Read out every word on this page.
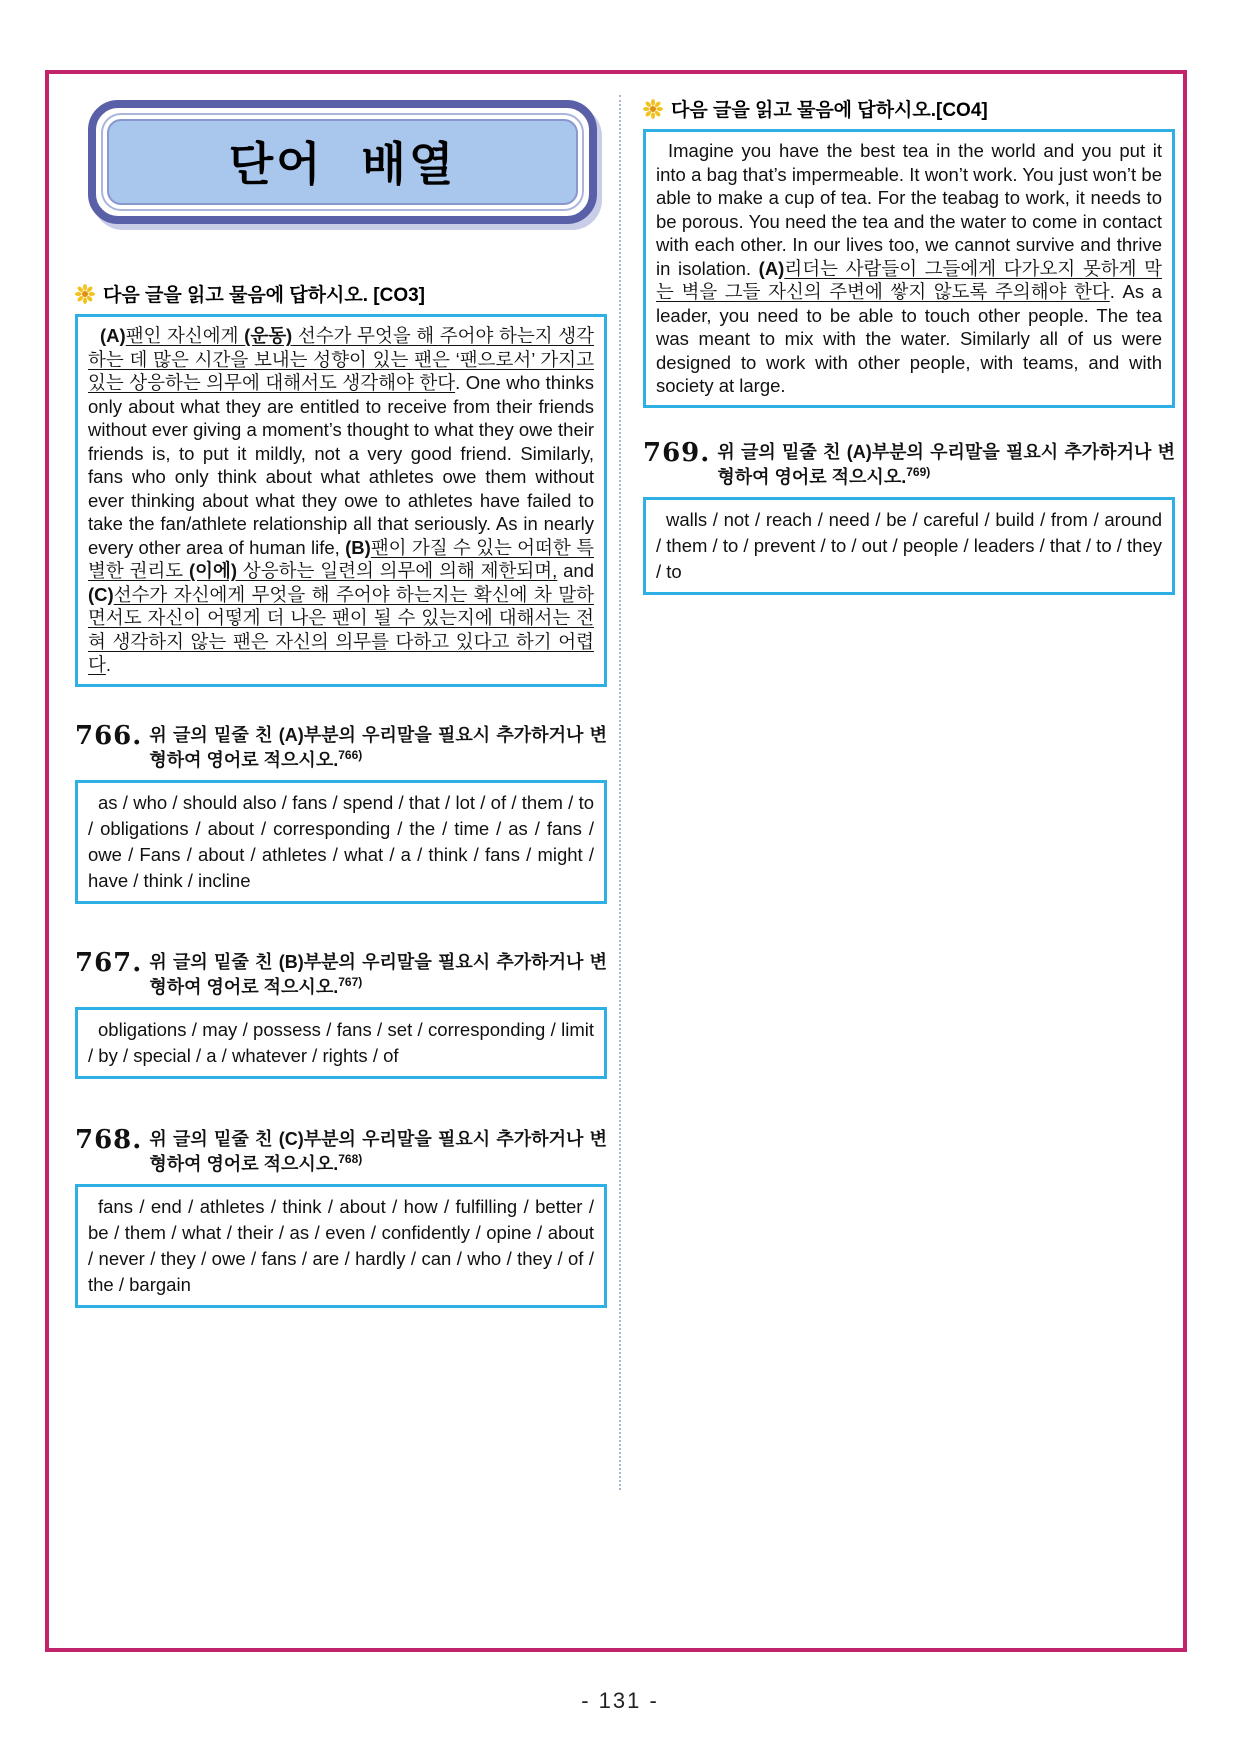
단어 배열
다음 글을 읽고 물음에 답하시오. [CO3]
(A)팬인 자신에게 (운동) 선수가 무엇을 해 주어야 하는지 생각하는 데 많은 시간을 보내는 성향이 있는 팬은 ‘팬으로서’ 가지고 있는 상응하는 의무에 대해서도 생각해야 한다. One who thinks only about what they are entitled to receive from their friends without ever giving a moment’s thought to what they owe their friends is, to put it mildly, not a very good friend. Similarly, fans who only think about what athletes owe them without ever thinking about what they owe to athletes have failed to take the fan/athlete relationship all that seriously. As in nearly every other area of human life, (B)팬이 가질 수 있는 어떠한 특별한 권리도 (이에) 상응하는 일련의 의무에 의해 제한되며, and (C)선수가 자신에게 무엇을 해 주어야 하는지는 확신에 차 말하면서도 자신이 어떻게 더 나은 팬이 될 수 있는지에 대해서는 전혀 생각하지 않는 팬은 자신의 의무를 다하고 있다고 하기 어렵다.
766. 위 글의 밑줄 친 (A)부분의 우리말을 필요시 추가하거나 변형하여 영어로 적으시오.$^{766)}$
as / who / should also / fans / spend / that / lot / of / them / to / obligations / about / corresponding / the / time / as / fans / owe / Fans / about / athletes / what / a / think / fans / might / have / think / incline
767. 위 글의 밑줄 친 (B)부분의 우리말을 필요시 추가하거나 변형하여 영어로 적으시오.$^{767)}$
obligations / may / possess / fans / set / corresponding / limit / by / special / a / whatever / rights / of
768. 위 글의 밑줄 친 (C)부분의 우리말을 필요시 추가하거나 변형하여 영어로 적으시오.$^{768)}$
fans / end / athletes / think / about / how / fulfilling / better / be / them / what / their / as / even / confidently / opine / about / never / they / owe / fans / are / hardly / can / who / they / of / the / bargain
다음 글을 읽고 물음에 답하시오.[CO4]
Imagine you have the best tea in the world and you put it into a bag that’s impermeable. It won’t work. You just won’t be able to make a cup of tea. For the teabag to work, it needs to be porous. You need the tea and the water to come in contact with each other. In our lives too, we cannot survive and thrive in isolation. (A)리더는 사람들이 그들에게 다가오지 못하게 막는 벽을 그들 자신의 주변에 쌓지 않도록 주의해야 한다. As a leader, you need to be able to touch other people. The tea was meant to mix with the water. Similarly all of us were designed to work with other people, with teams, and with society at large.
769. 위 글의 밑줄 친 (A)부분의 우리말을 필요시 추가하거나 변형하여 영어로 적으시오.$^{769)}$
walls / not / reach / need / be / careful / build / from / around / them / to / prevent / to / out / people / leaders / that / to / they / to
- 131 -
